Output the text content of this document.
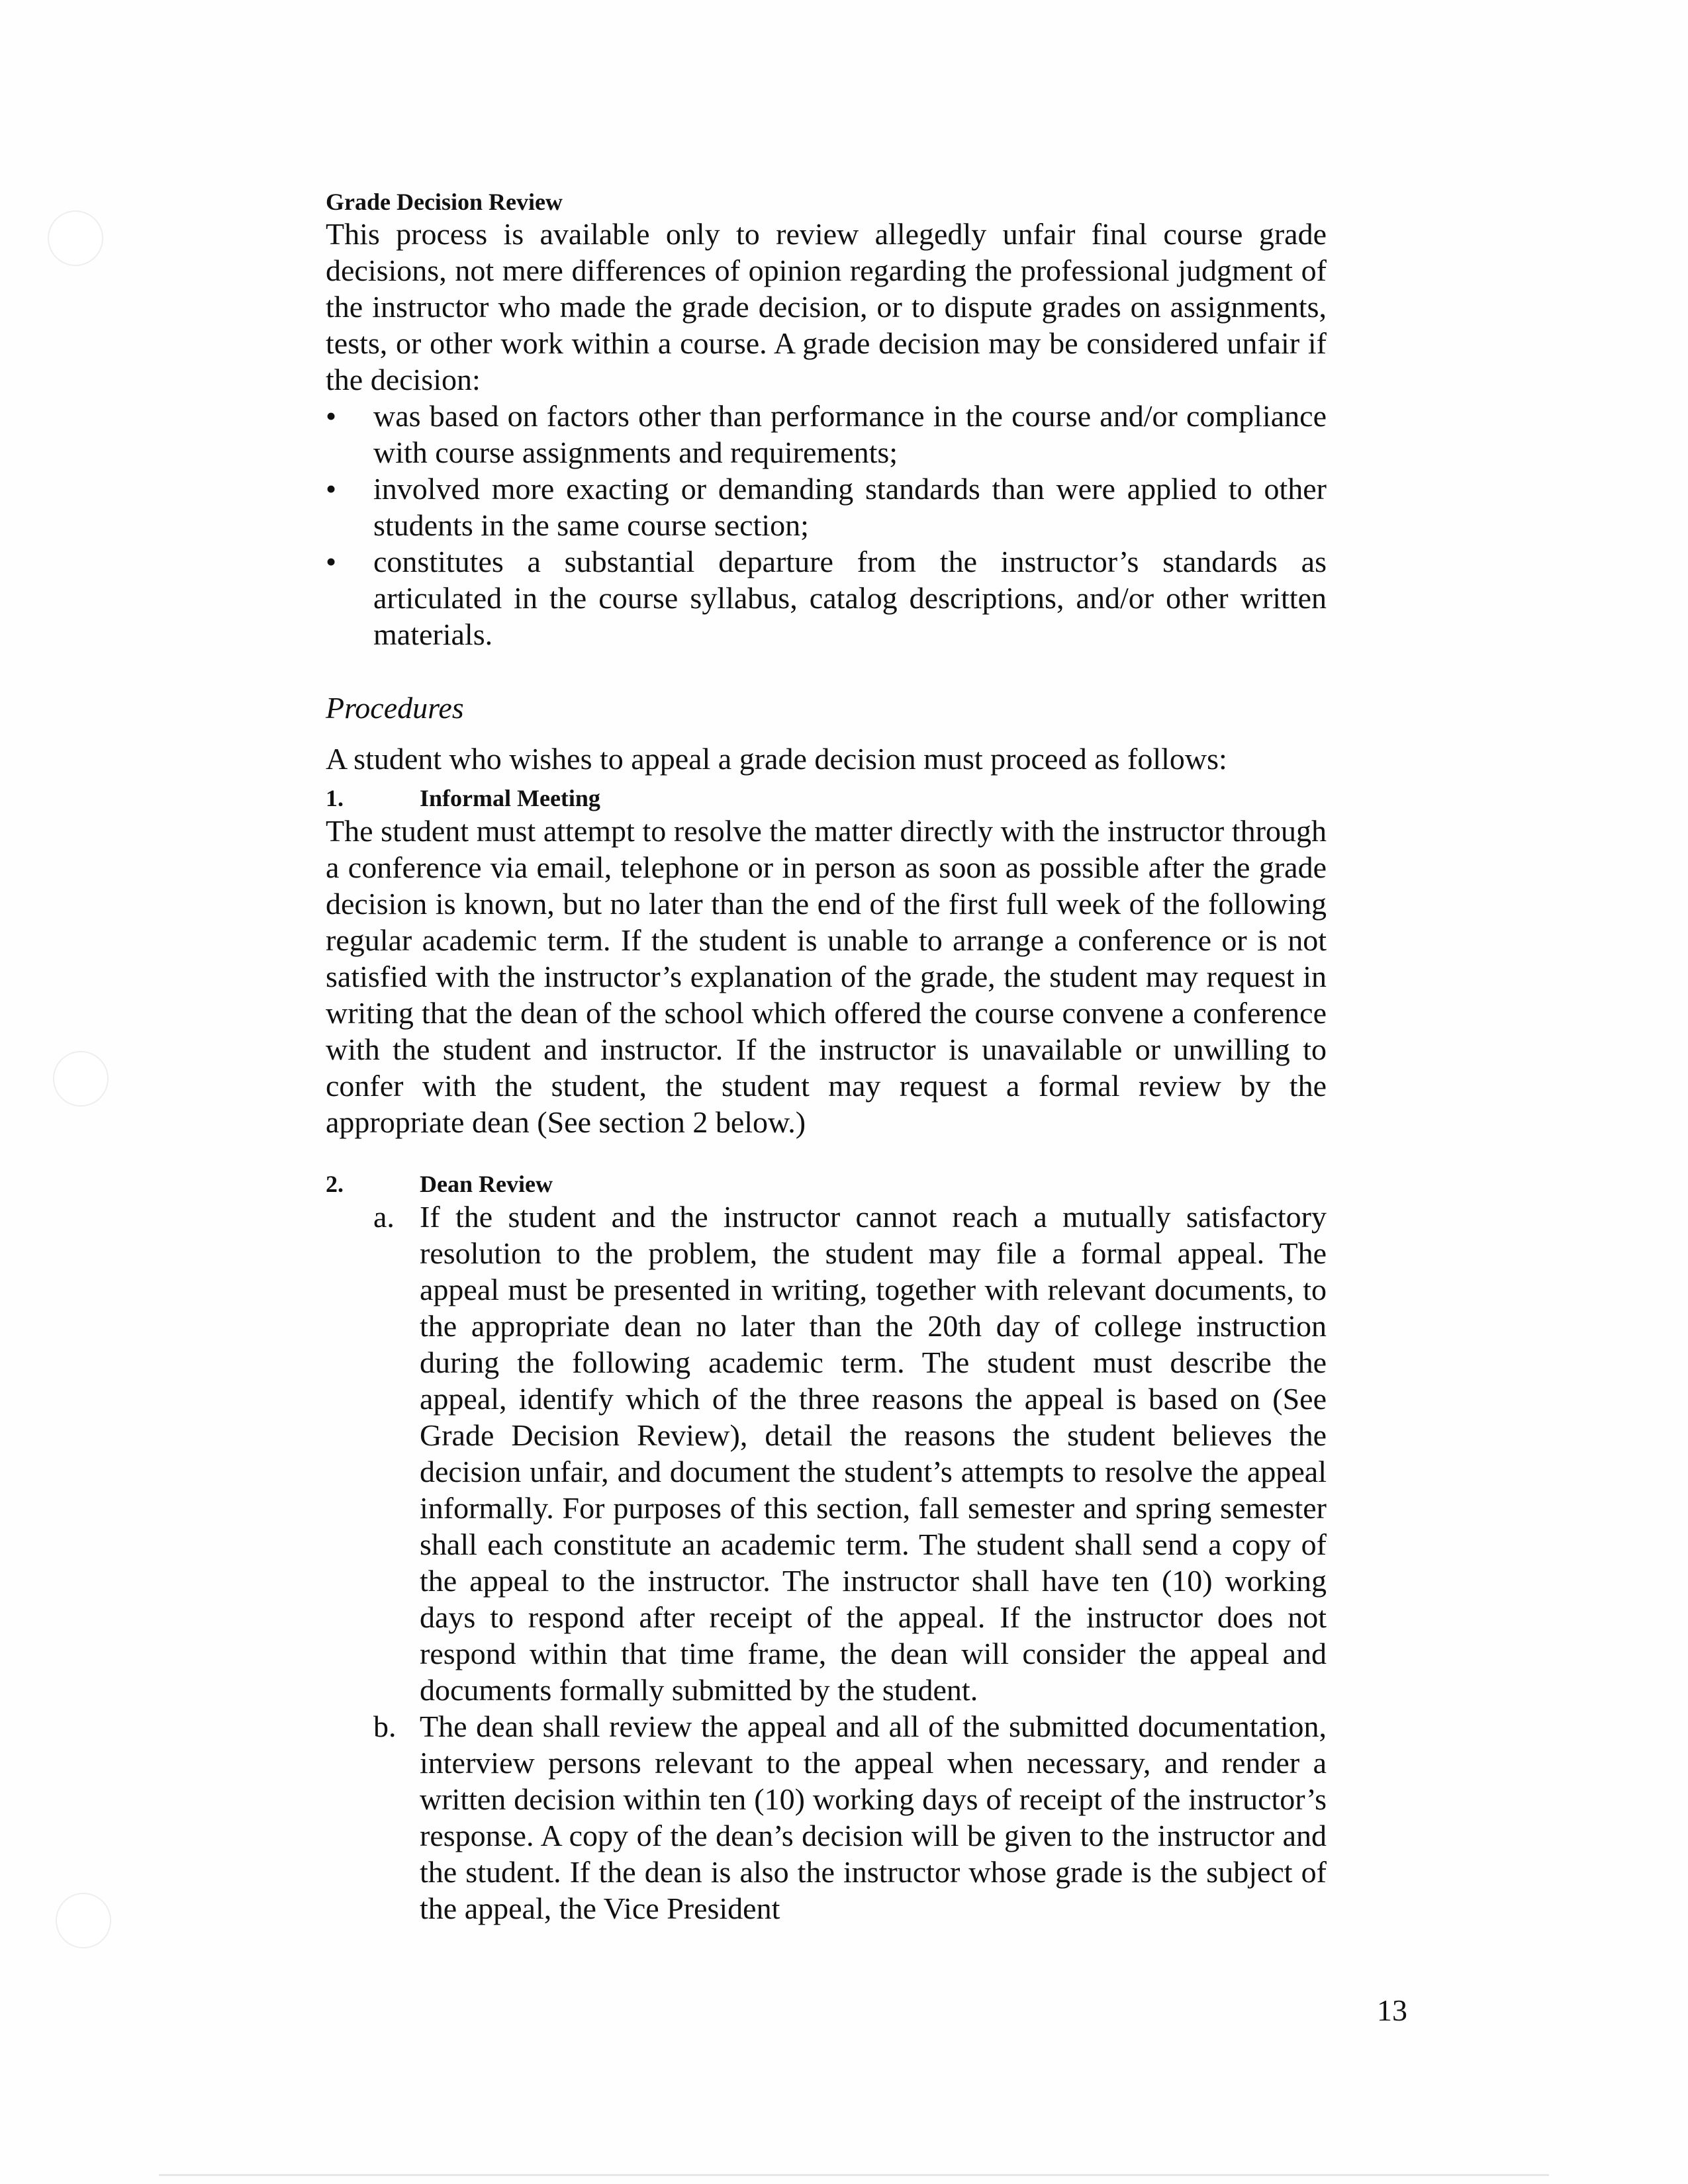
Grade Decision Review

This process is available only to review allegedly unfair final course grade decisions, not mere differences of opinion regarding the professional judgment of the instructor who made the grade decision, or to dispute grades on assignments, tests, or other work within a course. A grade decision may be considered unfair if the decision:

•	was based on factors other than performance in the course and/or compliance with course assignments and requirements;
•	involved more exacting or demanding standards than were applied to other students in the same course section;
•	constitutes a substantial departure from the instructor’s standards as articulated in the course syllabus, catalog descriptions, and/or other written materials.

Procedures

A student who wishes to appeal a grade decision must proceed as follows:

1.	Informal Meeting

The student must attempt to resolve the matter directly with the instructor through a conference via email, telephone or in person as soon as possible after the grade decision is known, but no later than the end of the first full week of the following regular academic term. If the student is unable to arrange a conference or is not satisfied with the instructor’s explanation of the grade, the student may request in writing that the dean of the school which offered the course convene a conference with the student and instructor. If the instructor is unavailable or unwilling to confer with the student, the student may request a formal review by the appropriate dean (See section 2 below.)

2.	Dean Review
a. If the student and the instructor cannot reach a mutually satisfactory resolution to the problem, the student may file a formal appeal. The appeal must be presented in writing, together with relevant documents, to the appropriate dean no later than the 20th day of college instruction during the following academic term. The student must describe the appeal, identify which of the three reasons the appeal is based on (See Grade Decision Review), detail the reasons the student believes the decision unfair, and document the student’s attempts to resolve the appeal informally. For purposes of this section, fall semester and spring semester shall each constitute an academic term. The student shall send a copy of the appeal to the instructor. The instructor shall have ten (10) working days to respond after receipt of the appeal. If the instructor does not respond within that time frame, the dean will consider the appeal and documents formally submitted by the student.
b. The dean shall review the appeal and all of the submitted documentation, interview persons relevant to the appeal when necessary, and render a written decision within ten (10) working days of receipt of the instructor’s response. A copy of the dean’s decision will be given to the instructor and the student. If the dean is also the instructor whose grade is the subject of the appeal, the Vice President
13
